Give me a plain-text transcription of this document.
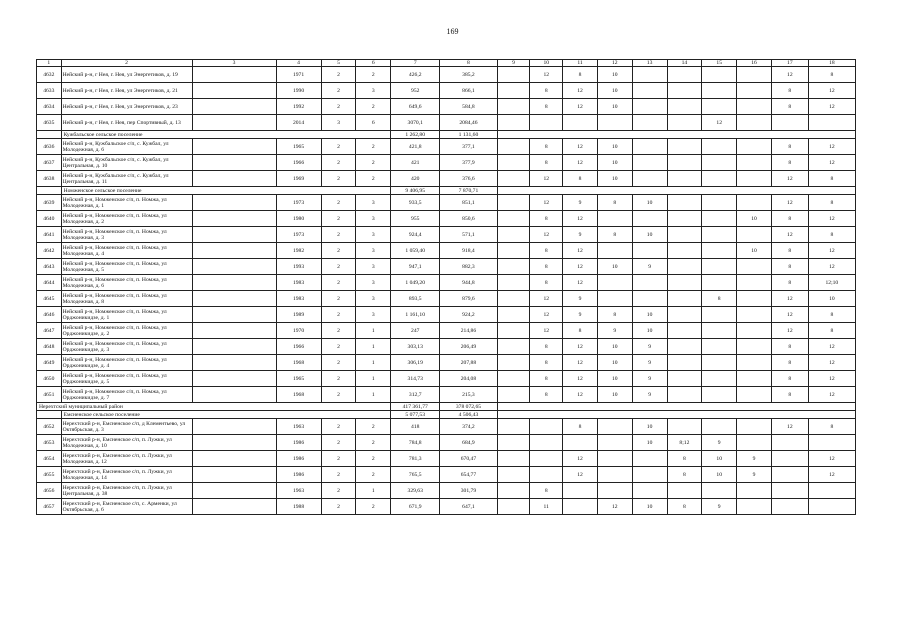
169
1	2	3	4	5	6	7	8	9	10	11	12	13	14	15	16	17	18
4632	Нейский р-н, г Нея, г. Нея, ул Энергетиков, д. 19		1971	2	2	426,2	385,2		12	8	10					12	8
4633	Нейский р-н, г Нея, г. Нея, ул Энергетиков, д. 21		1990	2	3	952	866,1		8	12	10					8	12
4634	Нейский р-н, г Нея, г. Нея, ул Энергетиков, д. 23		1992	2	2	649,6	584,8		8	12	10					8	12
4635	Нейский р-н, г Нея, г. Нея, пер Спортивный, д. 13		2014	3	6	3070,1	2084,46							12			
	Кужбальское сельское поселение					1 262,80	1 131,60										
4636	Нейский р-н, Кужбальское с/п, с. Кужбал, ул Молодежная, д. 6		1965	2	2	421,8	377,1		8	12	10					8	12
4637	Нейский р-н, Кужбальское с/п, с. Кужбал, ул Центральная, д. 10		1966	2	2	421	377,9		8	12	10					8	12
4638	Нейский р-н, Кужбальское с/п, с. Кужбал, ул Центральная, д. 11		1969	2	2	420	376,6		12	8	10					12	8
	Номженское сельское поселение					9 406,95	7 870,71										
4639	Нейский р-н, Номженское с/п, п. Номжа, ул Молодежная, д. 1		1973	2	3	933,5	851,1		12	9	8	10				12	8
4640	Нейский р-н, Номженское с/п, п. Номжа, ул Молодежная, д. 2		1980	2	3	955	850,6		8	12					10	8	12
4641	Нейский р-н, Номженское с/п, п. Номжа, ул Молодежная, д. 3		1973	2	3	924,4	571,1		12	9	8	10				12	8
4642	Нейский р-н, Номженское с/п, п. Номжа, ул Молодежная, д. 4		1982	2	3	1 059,40	918,4		8	12					10	8	12
4643	Нейский р-н, Номженское с/п, п. Номжа, ул Молодежная, д. 5		1993	2	3	947,1	882,3		8	12	10	9				8	12
4644	Нейский р-н, Номженское с/п, п. Номжа, ул Молодежная, д. 6		1983	2	3	1 049,20	944,8		8	12						8	12;10
4645	Нейский р-н, Номженское с/п, п. Номжа, ул Молодежная, д. 8		1983	2	3	893,5	879,6		12	9				8		12	10
4646	Нейский р-н, Номженское с/п, п. Номжа, ул Орджоникидзе, д. 1		1989	2	3	1 161,10	924,2		12	9	8	10				12	8
4647	Нейский р-н, Номженское с/п, п. Номжа, ул Орджоникидзе, д. 2		1970	2	1	247	214,86		12	8	9	10				12	8
4648	Нейский р-н, Номженское с/п, п. Номжа, ул Орджоникидзе, д. 3		1966	2	1	303,13	206,49		8	12	10	9				8	12
4649	Нейский р-н, Номженское с/п, п. Номжа, ул Орджоникидзе, д. 4		1968	2	1	306,19	207,88		8	12	10	9				8	12
4650	Нейский р-н, Номженское с/п, п. Номжа, ул Орджоникидзе, д. 5		1965	2	1	314,73	204,08		8	12	10	9				8	12
4651	Нейский р-н, Номженское с/п, п. Номжа, ул Орджоникидзе, д. 7		1968	2	1	312,7	215,3		8	12	10	9				8	12
Нерехтский муниципальный район						417 361,77	378 072,65										
	Емсненское сельское поселение					5 077,53	4 506,43										
4652	Нерехтский р-н, Емсненское с/п, д Клементьево, ул Октябрьская, д. 3		1963	2	2	418	374,2			8		10				12	8
4653	Нерехтский р-н, Емсненское с/п, п. Лужки, ул Молодежная, д. 10		1986	2	2	784,8	684,9					10	8;12	9			
4654	Нерехтский р-н, Емсненское с/п, п. Лужки, ул Молодежная, д. 12		1986	2	2	781,3	670,47			12			8	10	9		12
4655	Нерехтский р-н, Емсненское с/п, п. Лужки, ул Молодежная, д. 14		1986	2	2	765,5	654,77			12			8	10	9		12
4656	Нерехтский р-н, Емсненское с/п, п. Лужки, ул Центральная, д. 38		1963	2	1	329,63	301,79		8								
4657	Нерехтский р-н, Емсненское с/п, с. Арменки, ул Октябрьская, д. 6		1988	2	2	671,9	647,1		11		12	10	8	9			
